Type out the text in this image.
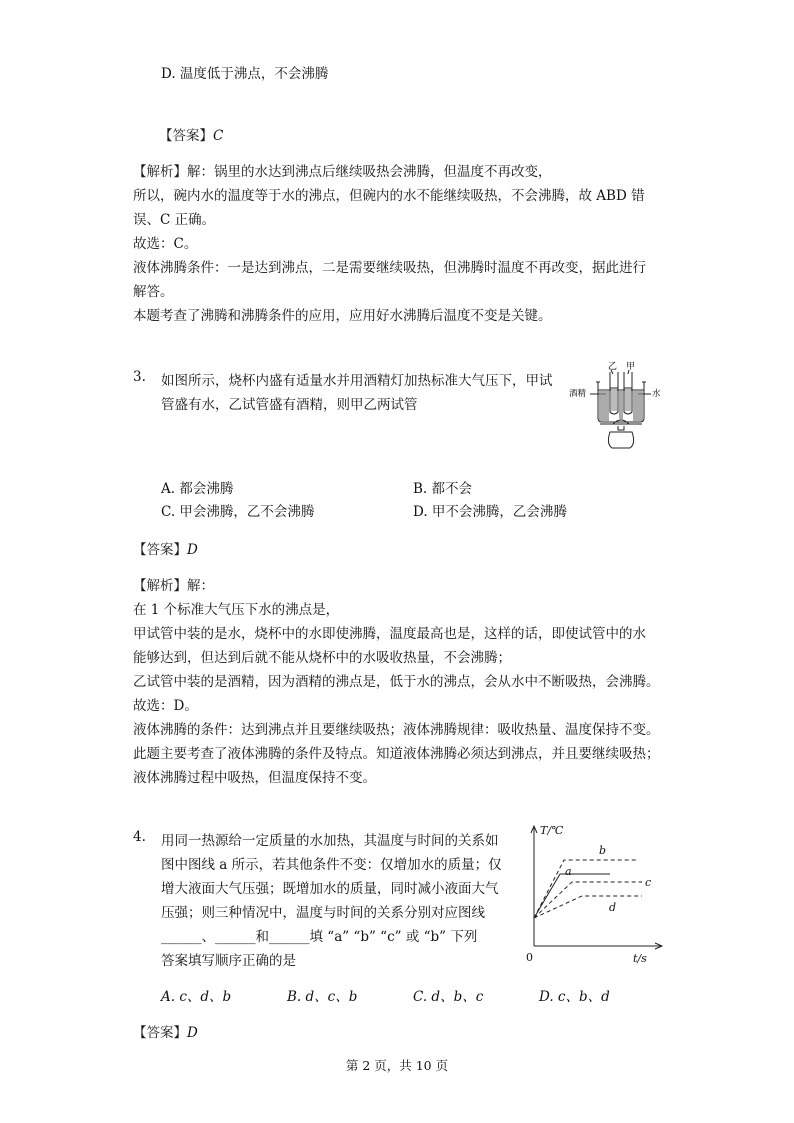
D. 温度低于沸点，不会沸腾
【答案】C
【解析】解：锅里的水达到沸点后继续吸热会沸腾，但温度不再改变，
所以，碗内水的温度等于水的沸点，但碗内的水不能继续吸热，不会沸腾，故 ABD 错
误、C 正确。
故选：C。
液体沸腾条件：一是达到沸点，二是需要继续吸热，但沸腾时温度不再改变，据此进行
解答。
本题考查了沸腾和沸腾条件的应用，应用好水沸腾后温度不变是关键。
3. 如图所示，烧杯内盛有适量水并用酒精灯加热标准大气压下，甲试
管盛有水，乙试管盛有酒精，则甲乙两试管
乙 甲
酒精	水
A. 都会沸腾	B. 都不会
C. 甲会沸腾，乙不会沸腾	D. 甲不会沸腾，乙会沸腾
【答案】D
【解析】解：
在 1 个标准大气压下水的沸点是，
甲试管中装的是水，烧杯中的水即使沸腾，温度最高也是，这样的话，即使试管中的水
能够达到，但达到后就不能从烧杯中的水吸收热量，不会沸腾；
乙试管中装的是酒精，因为酒精的沸点是，低于水的沸点，会从水中不断吸热，会沸腾。
故选：D。
液体沸腾的条件：达到沸点并且要继续吸热；液体沸腾规律：吸收热量、温度保持不变。
此题主要考查了液体沸腾的条件及特点。知道液体沸腾必须达到沸点，并且要继续吸热；
液体沸腾过程中吸热，但温度保持不变。
4. 用同一热源给一定质量的水加热，其温度与时间的关系如
图中图线 a 所示，若其他条件不变：仅增加水的质量；仅
增大液面大气压强；既增加水的质量，同时减小液面大气
压强；则三种情况中，温度与时间的关系分别对应图线
______、______和______填 “a” “b” “c” 或 “b” 下列
答案填写顺序正确的是
T/℃
t/s
a
b
c
d
0
A. c、d、b	B. d、c、b	C. d、b、c	D. c、b、d
【答案】D
第 2 页，共 10 页
